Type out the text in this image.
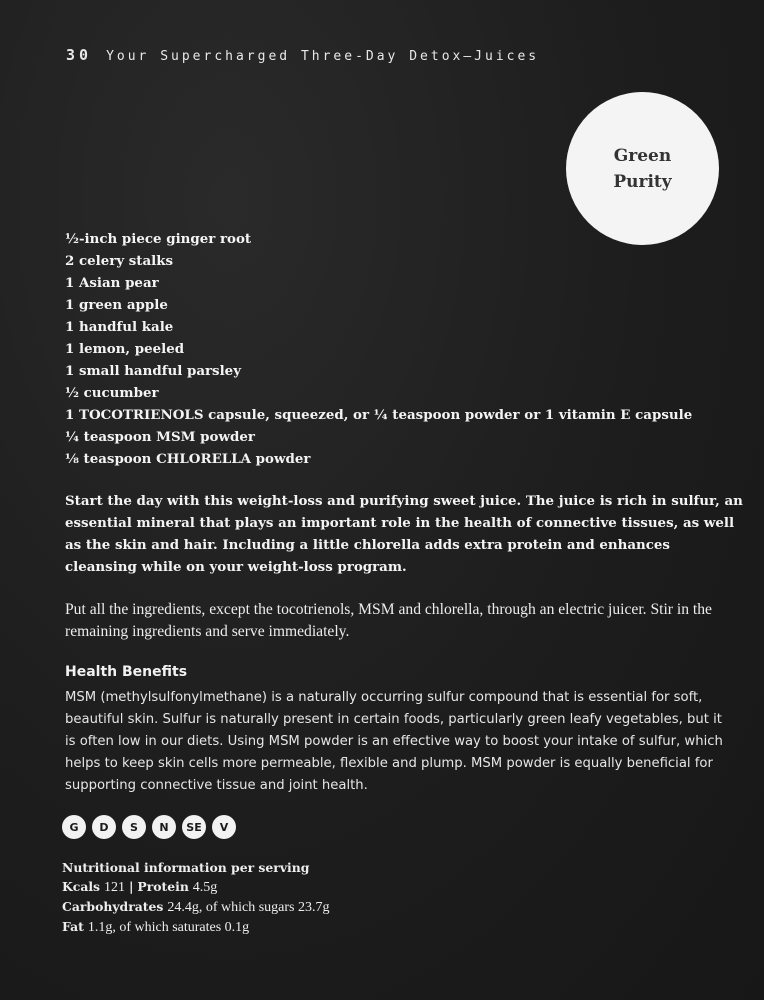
30 Your Supercharged Three-Day Detox—Juices
Green
Purity
½-inch piece ginger root
2 celery stalks
1 Asian pear
1 green apple
1 handful kale
1 lemon, peeled
1 small handful parsley
½ cucumber
1 TOCOTRIENOLS capsule, squeezed, or ¼ teaspoon powder or 1 vitamin E capsule
¼ teaspoon MSM powder
⅛ teaspoon CHLORELLA powder

Start the day with this weight-loss and purifying sweet juice. The juice is rich in sulfur, an essential mineral that plays an important role in the health of connective tissues, as well as the skin and hair. Including a little chlorella adds extra protein and enhances cleansing while on your weight-loss program.

Put all the ingredients, except the tocotrienols, MSM and chlorella, through an electric juicer. Stir in the remaining ingredients and serve immediately.

Health Benefits

MSM (methylsulfonylmethane) is a naturally occurring sulfur compound that is essential for soft, beautiful skin. Sulfur is naturally present in certain foods, particularly green leafy vegetables, but it is often low in our diets. Using MSM powder is an effective way to boost your intake of sulfur, which helps to keep skin cells more permeable, flexible and plump. MSM powder is equally beneficial for supporting connective tissue and joint health.

G	D	S	N	SE	V
Nutritional information per serving
Kcals 121 | Protein 4.5g
Carbohydrates 24.4g, of which sugars 23.7g
Fat 1.1g, of which saturates 0.1g
